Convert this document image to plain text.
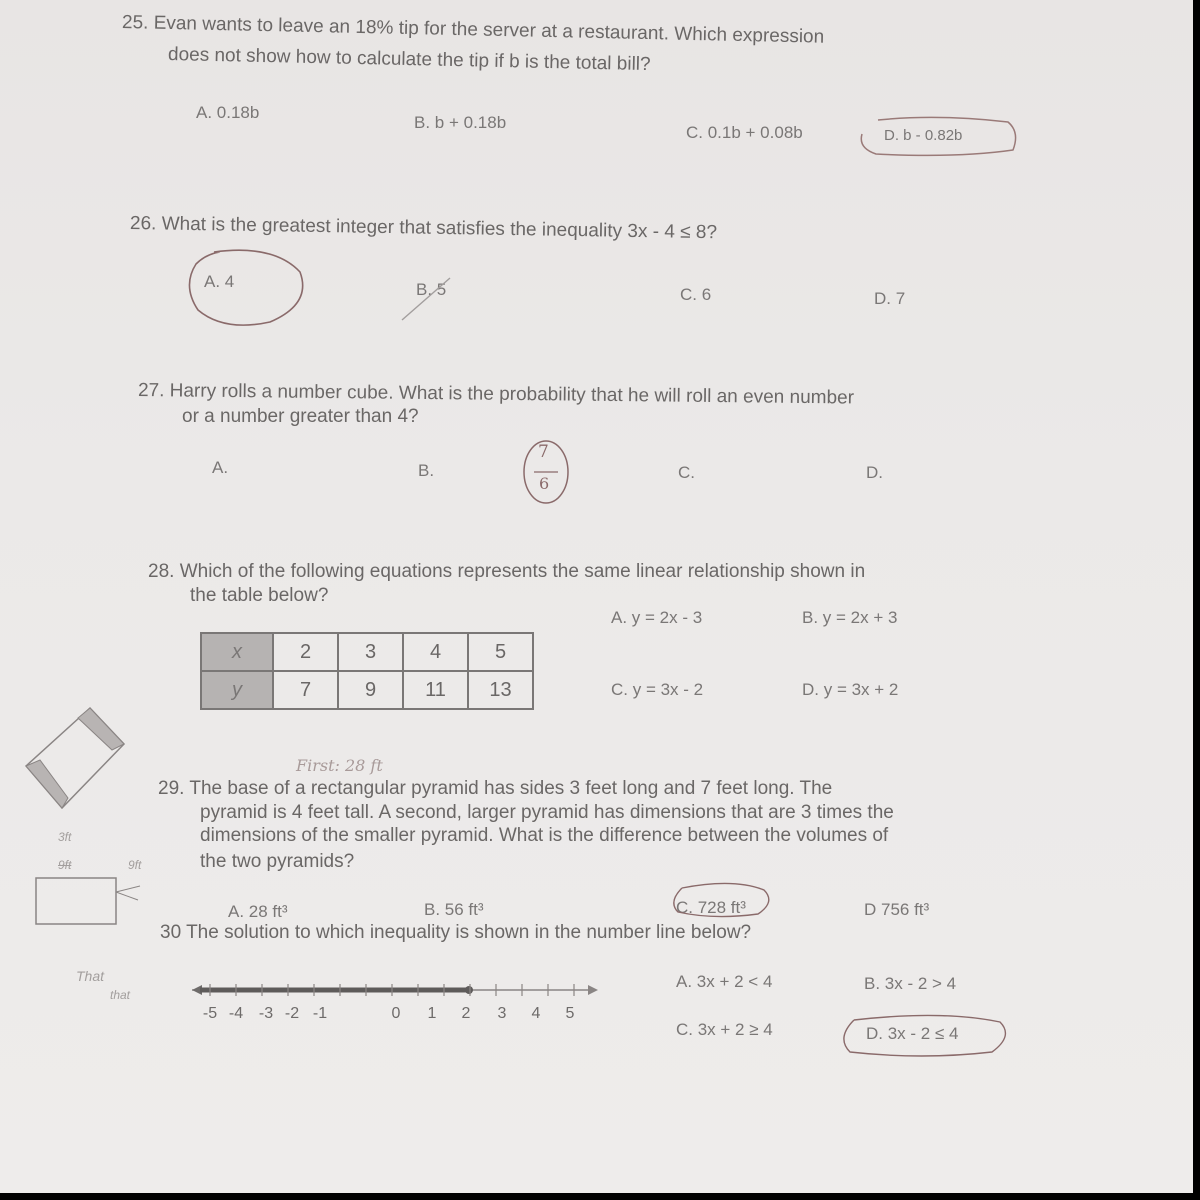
25. Evan wants to leave an 18% tip for the server at a restaurant. Which expression
does not show how to calculate the tip if b is the total bill?
A. 0.18b
B. b + 0.18b
C. 0.1b + 0.08b	D. b - 0.82b
26. What is the greatest integer that satisfies the inequality 3x - 4 ≤ 8?
A. 4	B. 5	C. 6	D. 7
27. Harry rolls a number cube. What is the probability that he will roll an even number
or a number greater than 4?
A.	B.	C.	D.
7
6
28. Which of the following equations represents the same linear relationship shown in
the table below?
A. y = 2x - 3	B. y = 2x + 3
C. y = 3x - 2	D. y = 3x + 2
x	2	3	4	5
y	7	9	11	13
First: 28 ft
29. The base of a rectangular pyramid has sides 3 feet long and 7 feet long. The
pyramid is 4 feet tall. A second, larger pyramid has dimensions that are 3 times the
dimensions of the smaller pyramid. What is the difference between the volumes of
the two pyramids?
A. 28 ft³	B. 56 ft³	C. 728 ft³	D 756 ft³
3ft
9ft	9ft
That
that
30 The solution to which inequality is shown in the number line below?
A. 3x + 2 < 4	B. 3x - 2 > 4
C. 3x + 2 ≥ 4	D. 3x - 2 ≤ 4
-5 -4 -3 -2 -1	0 1 2 3 4 5
